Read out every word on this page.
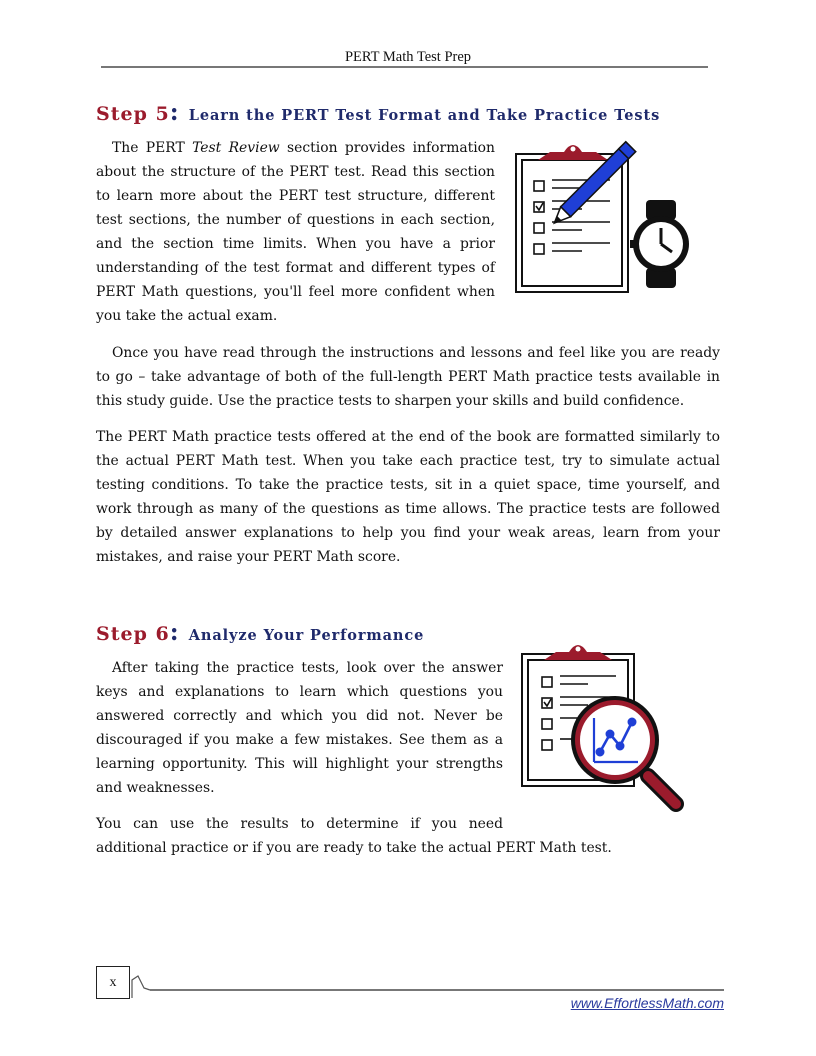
PERT Math Test Prep
Step 5: Learn the PERT Test Format and Take Practice Tests

The PERT Test Review section provides information about the structure of the PERT test. Read this section to learn more about the PERT test structure, different test sections, the number of questions in each section, and the section time limits. When you have a prior understanding of the test format and different types of PERT Math questions, you'll feel more confident when you take the actual exam.

Once you have read through the instructions and lessons and feel like you are ready to go – take advantage of both of the full-length PERT Math practice tests available in this study guide. Use the practice tests to sharpen your skills and build confidence.

The PERT Math practice tests offered at the end of the book are formatted similarly to the actual PERT Math test. When you take each practice test, try to simulate actual testing conditions. To take the practice tests, sit in a quiet space, time yourself, and work through as many of the questions as time allows. The practice tests are followed by detailed answer explanations to help you find your weak areas, learn from your mistakes, and raise your PERT Math score.

Step 6: Analyze Your Performance

After taking the practice tests, look over the answer keys and explanations to learn which questions you answered correctly and which you did not. Never be discouraged if you make a few mistakes. See them as a learning opportunity. This will highlight your strengths and weaknesses.

You can use the results to determine if you need

additional practice or if you are ready to take the actual PERT Math test.

x
www.EffortlessMath.com
